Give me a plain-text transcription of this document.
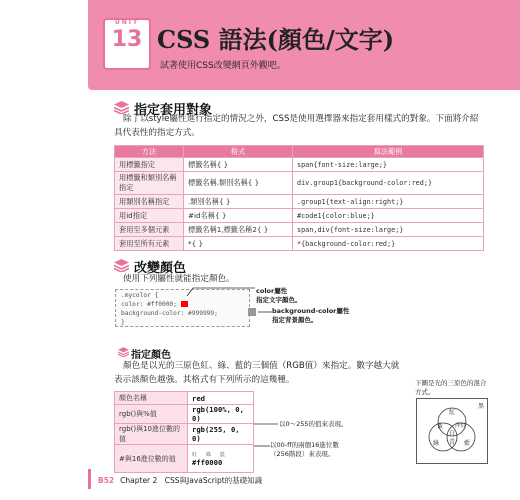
UNIT
13 CSS 語法(顏色/文字)
試著使用CSS改變網頁外觀吧。
指定套用對象
除了以style屬性進行指定的情況之外，CSS是使用選擇器來指定套用樣式的對象。下面將介紹具代表性的指定方式。
方法	格式	寫法範例
用標籤指定	標籤名稱{ }	span{font-size:large;}
用標籤和類別名稱指定	標籤名稱.類別名稱{ }	div.group1{background-color:red;}
用類別名稱指定	.類別名稱{ }	.group1{text-align:right;}
用id指定	#id名稱{ }	#code1{color:blue;}
套用至多個元素	標籤名稱1,標籤名稱2{ }	span,div{font-size:large;}
套用至所有元素	*{ }	*{background-color:red;}
改變顏色
使用下列屬性就能指定顏色。
.mycolor {
color: #ff0000;
background-color: #999999;
}
color屬性
指定文字顏色。
background-color屬性
指定背景顏色。
指定顏色
顏色是以光的三原色紅、綠、藍的三個值（RGB值）來指定。數字越大就表示該顏色越強。其格式有下列所示的這幾種。
顏色名稱	red
rgb()與%值	rgb(100%, 0, 0)
rgb()與10進位數的值	rgb(255, 0, 0)
#與16進位數的值	紅 綠 藍
#ff0000
以0～255的值來表現。
以00-ff的兩個16進位數（256階段）來表現。
下圖是光的三原色的混合方式。
黑
紅
黃 洋紅
白
綠 青 藍
B52 Chapter 2　CSS與JavaScript的基礎知識
